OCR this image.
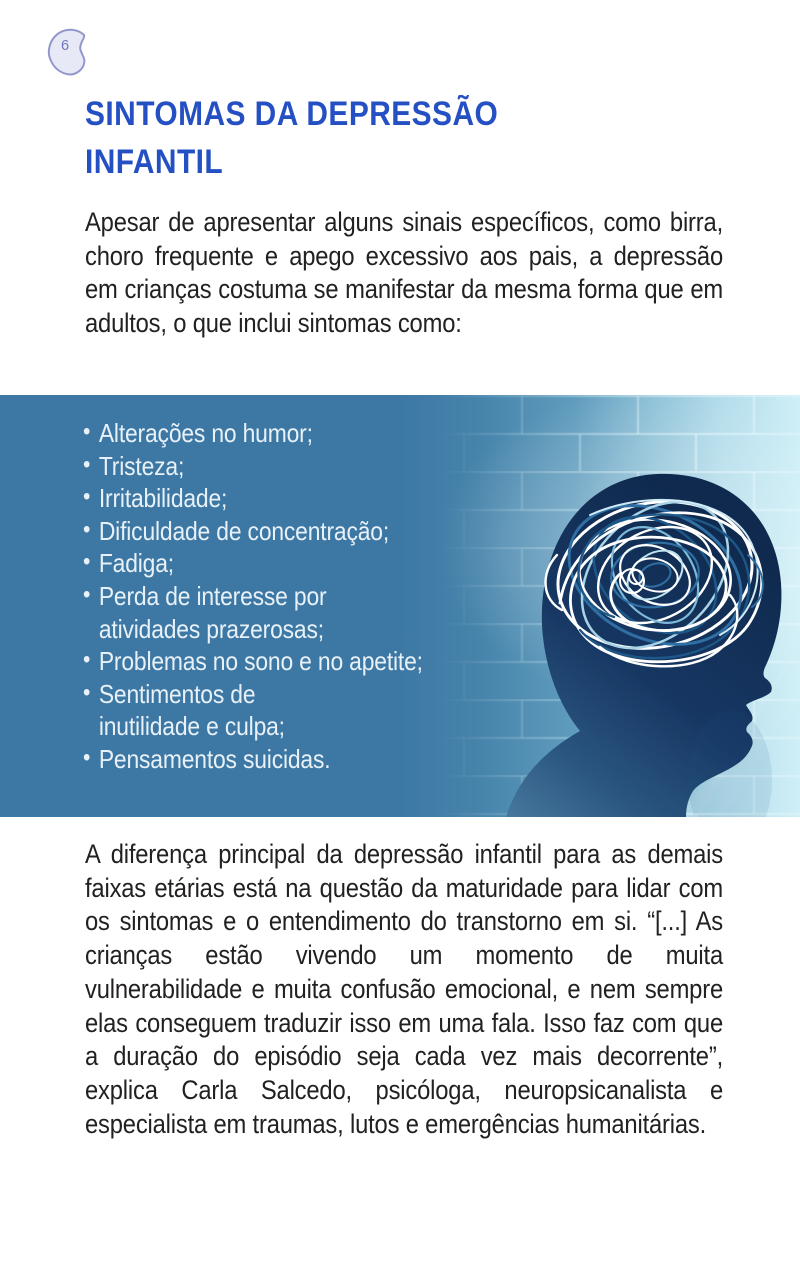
6
SINTOMAS DA DEPRESSÃO
INFANTIL

Apesar de apresentar alguns sinais específicos, como birra, choro frequente e apego excessivo aos pais, a depressão em crianças costuma se manifestar da mesma forma que em adultos, o que inclui sintomas como:

• Alterações no humor;
• Tristeza;
• Irritabilidade;
• Dificuldade de concentração;
• Fadiga;
• Perda de interesse por
atividades prazerosas;
• Problemas no sono e no apetite;
• Sentimentos de
inutilidade e culpa;
• Pensamentos suicidas.

A diferença principal da depressão infantil para as demais faixas etárias está na questão da maturidade para lidar com os sintomas e o entendimento do transtorno em si. “[...] As crianças estão vivendo um momento de muita vulnerabilidade e muita confusão emocional, e nem sempre elas conseguem traduzir isso em uma fala. Isso faz com que a duração do episódio seja cada vez mais decorrente”, explica Carla Salcedo, psicóloga, neuropsicanalista e especialista em traumas, lutos e emergências humanitárias.
